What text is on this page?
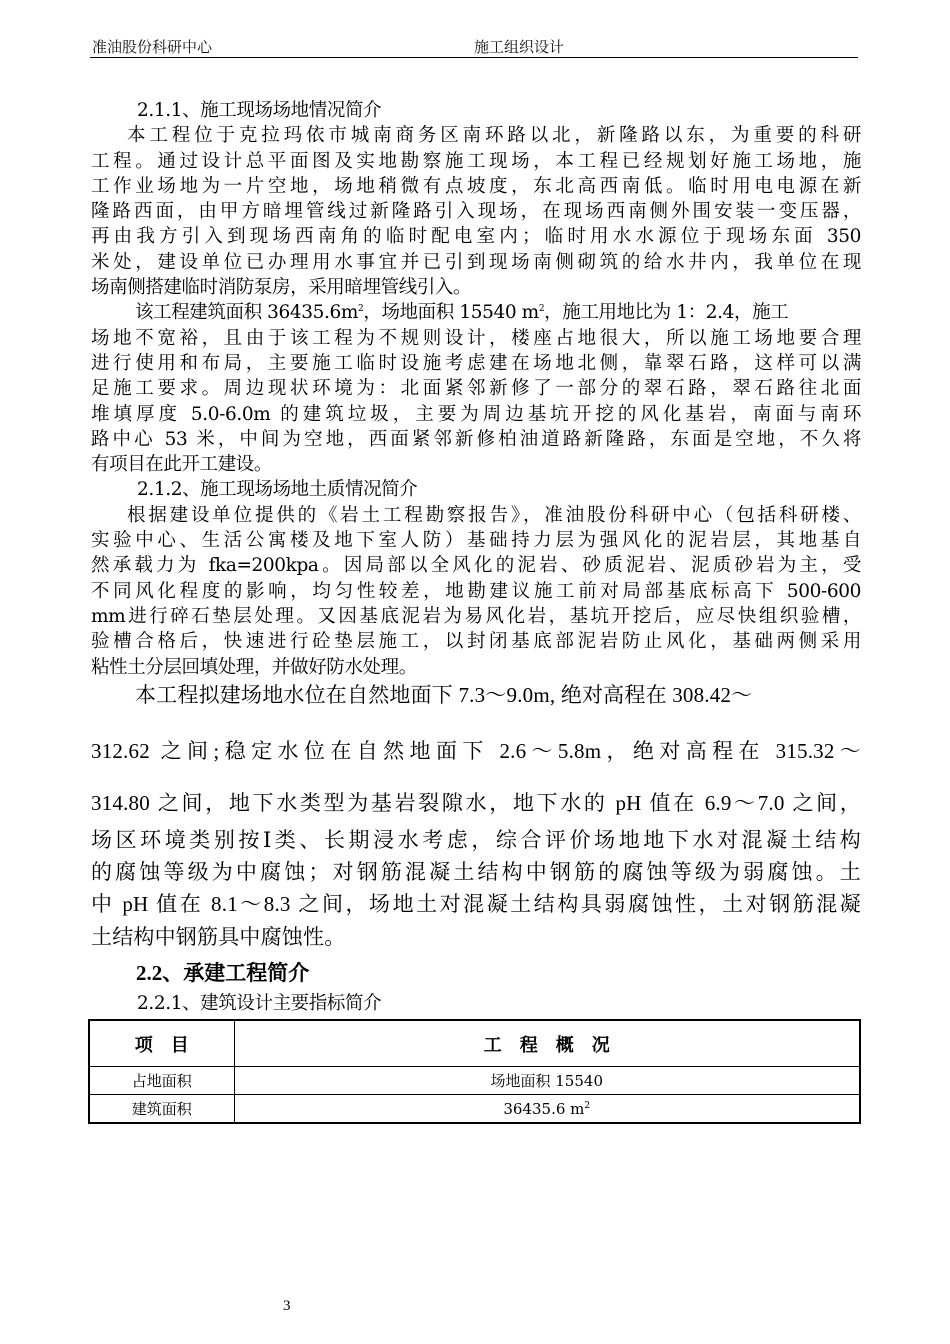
准油股份科研中心	施工组织设计
2.1.1、施工现场场地情况简介
本工程位于克拉玛依市城南商务区南环路以北，新隆路以东，为重要的科研
工程。通过设计总平面图及实地勘察施工现场，本工程已经规划好施工场地，施
工作业场地为一片空地，场地稍微有点坡度，东北高西南低。临时用电电源在新
隆路西面，由甲方暗埋管线过新隆路引入现场，在现场西南侧外围安装一变压器，
再由我方引入到现场西南角的临时配电室内；临时用水水源位于现场东面 350
米处，建设单位已办理用水事宜并已引到现场南侧砌筑的给水井内，我单位在现
场南侧搭建临时消防泵房，采用暗埋管线引入。
该工程建筑面积 $36435.6m^2$，场地面积 15540 $m^2$，施工用地比为 1：2.4，施工
场地不宽裕，且由于该工程为不规则设计，楼座占地很大，所以施工场地要合理
进行使用和布局，主要施工临时设施考虑建在场地北侧，靠翠石路，这样可以满
足施工要求。周边现状环境为：北面紧邻新修了一部分的翠石路，翠石路往北面
堆填厚度 5.0-6.0m 的建筑垃圾，主要为周边基坑开挖的风化基岩，南面与南环
路中心 53 米，中间为空地，西面紧邻新修柏油道路新隆路，东面是空地，不久将
有项目在此开工建设。
2.1.2、施工现场场地土质情况简介
根据建设单位提供的《岩土工程勘察报告》，准油股份科研中心（包括科研楼、
实验中心、生活公寓楼及地下室人防）基础持力层为强风化的泥岩层，其地基自
然承载力为 fka=200kpa。因局部以全风化的泥岩、砂质泥岩、泥质砂岩为主，受
不同风化程度的影响，均匀性较差，地勘建议施工前对局部基底标高下 500-600
mm进行碎石垫层处理。又因基底泥岩为易风化岩，基坑开挖后，应尽快组织验槽，
验槽合格后，快速进行砼垫层施工，以封闭基底部泥岩防止风化，基础两侧采用
粘性土分层回填处理，并做好防水处理。
本工程拟建场地水位在自然地面下 7.3～9.0m, 绝对高程在 308.42～
312.62 之间;稳定水位在自然地面下 2.6～5.8m，绝对高程在 315.32～
314.80 之间，地下水类型为基岩裂隙水，地下水的 pH 值在 6.9～7.0 之间，
场区环境类别按Ⅰ类、长期浸水考虑，综合评价场地地下水对混凝土结构
的腐蚀等级为中腐蚀；对钢筋混凝土结构中钢筋的腐蚀等级为弱腐蚀。土
中 pH 值在 8.1～8.3 之间，场地土对混凝土结构具弱腐蚀性，土对钢筋混凝
土结构中钢筋具中腐蚀性。
2.2、承建工程简介
2.2.1、建筑设计主要指标简介
项　目	工　程　概　况
占地面积	场地面积 15540
建筑面积	36435.6 $m^2$
3
